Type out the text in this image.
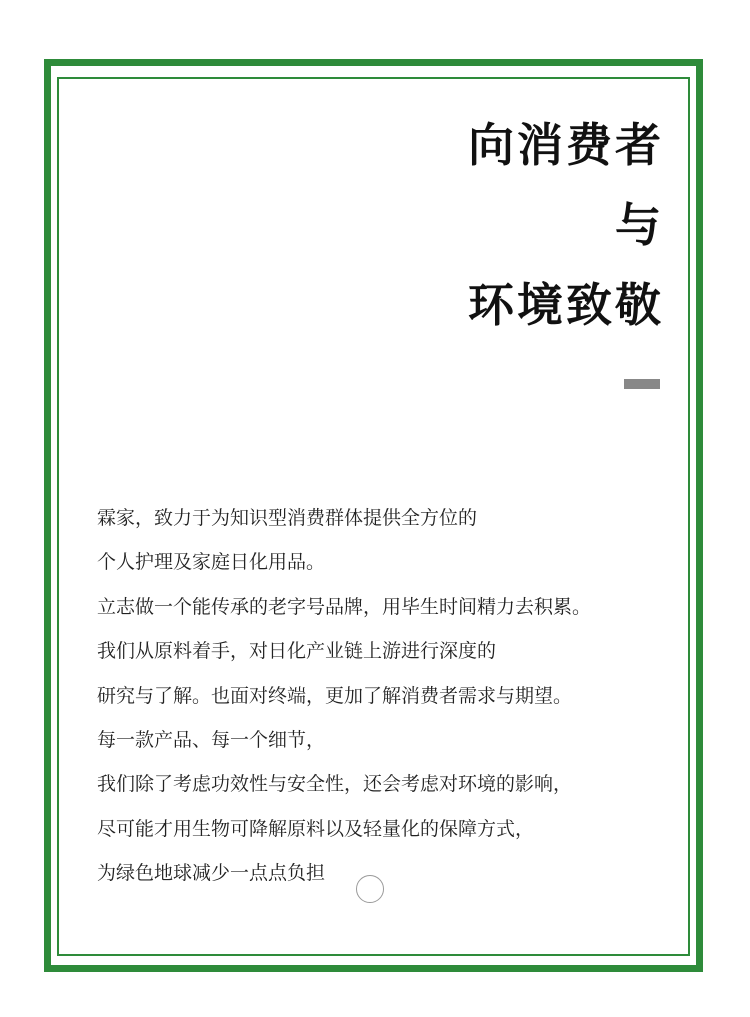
向消费者
与
环境致敬
霖家，致力于为知识型消费群体提供全方位的
个人护理及家庭日化用品。
立志做一个能传承的老字号品牌，用毕生时间精力去积累。
我们从原料着手，对日化产业链上游进行深度的
研究与了解。也面对终端，更加了解消费者需求与期望。
每一款产品、每一个细节，
我们除了考虑功效性与安全性，还会考虑对环境的影响，
尽可能才用生物可降解原料以及轻量化的保障方式，
为绿色地球减少一点点负担
